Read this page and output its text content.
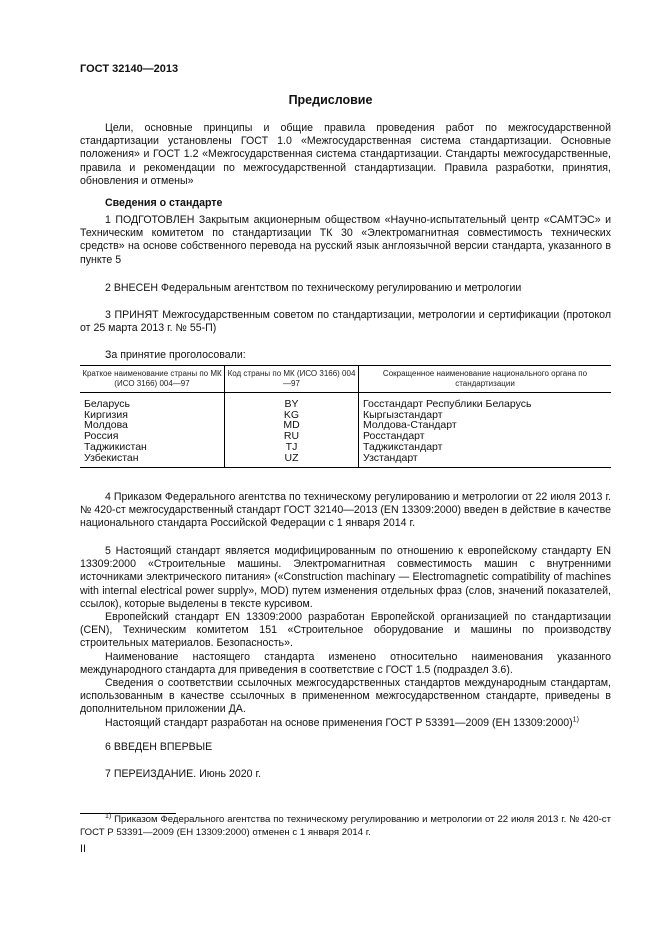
ГОСТ 32140—2013
Предисловие
Цели, основные принципы и общие правила проведения работ по межгосударственной стандартизации установлены ГОСТ 1.0 «Межгосударственная система стандартизации. Основные положения» и ГОСТ 1.2 «Межгосударственная система стандартизации. Стандарты межгосударственные, правила и рекомендации по межгосударственной стандартизации. Правила разработки, принятия, обновления и отмены»
Сведения о стандарте
1 ПОДГОТОВЛЕН Закрытым акционерным обществом «Научно-испытательный центр «САМТЭС» и Техническим комитетом по стандартизации ТК 30 «Электромагнитная совместимость технических средств» на основе собственного перевода на русский язык англоязычной версии стандарта, указанного в пункте 5
2 ВНЕСЕН Федеральным агентством по техническому регулированию и метрологии
3 ПРИНЯТ Межгосударственным советом по стандартизации, метрологии и сертификации (протокол от 25 марта 2013 г. № 55-П)
За принятие проголосовали:
Краткое наименование страны по МК (ИСО 3166) 004—97	Код страны по МК (ИСО 3166) 004—97	Сокращенное наименование национального органа по стандартизации
Беларусь	BY	Госстандарт Республики Беларусь
Киргизия	KG	Кыргызстандарт
Молдова	MD	Молдова-Стандарт
Россия	RU	Росстандарт
Таджикистан	TJ	Таджикстандарт
Узбекистан	UZ	Узстандарт
4 Приказом Федерального агентства по техническому регулированию и метрологии от 22 июля 2013 г. № 420-ст межгосударственный стандарт ГОСТ 32140—2013 (EN 13309:2000) введен в действие в качестве национального стандарта Российской Федерации с 1 января 2014 г.

5 Настоящий стандарт является модифицированным по отношению к европейскому стандарту EN 13309:2000 «Строительные машины. Электромагнитная совместимость машин с внутренними источниками электрического питания» («Construction machinary — Electromagnetic compatibility of machines with internal electrical power supply», MOD) путем изменения отдельных фраз (слов, значений показателей, ссылок), которые выделены в тексте курсивом.

Европейский стандарт EN 13309:2000 разработан Европейской организацией по стандартизации (CEN), Техническим комитетом 151 «Строительное оборудование и машины по производству строительных материалов. Безопасность».

Наименование настоящего стандарта изменено относительно наименования указанного международного стандарта для приведения в соответствие с ГОСТ 1.5 (подраздел 3.6).

Сведения о соответствии ссылочных межгосударственных стандартов международным стандартам, использованным в качестве ссылочных в примененном межгосударственном стандарте, приведены в дополнительном приложении ДА.

Настоящий стандарт разработан на основе применения ГОСТ Р 53391—2009 (ЕН 13309:2000)$^{1)}$

6 ВВЕДЕН ВПЕРВЫЕ
7 ПЕРЕИЗДАНИЕ. Июнь 2020 г.
$^{1)}$ Приказом Федерального агентства по техническому регулированию и метрологии от 22 июля 2013 г. № 420-ст ГОСТ Р 53391—2009 (ЕН 13309:2000) отменен с 1 января 2014 г.
II
